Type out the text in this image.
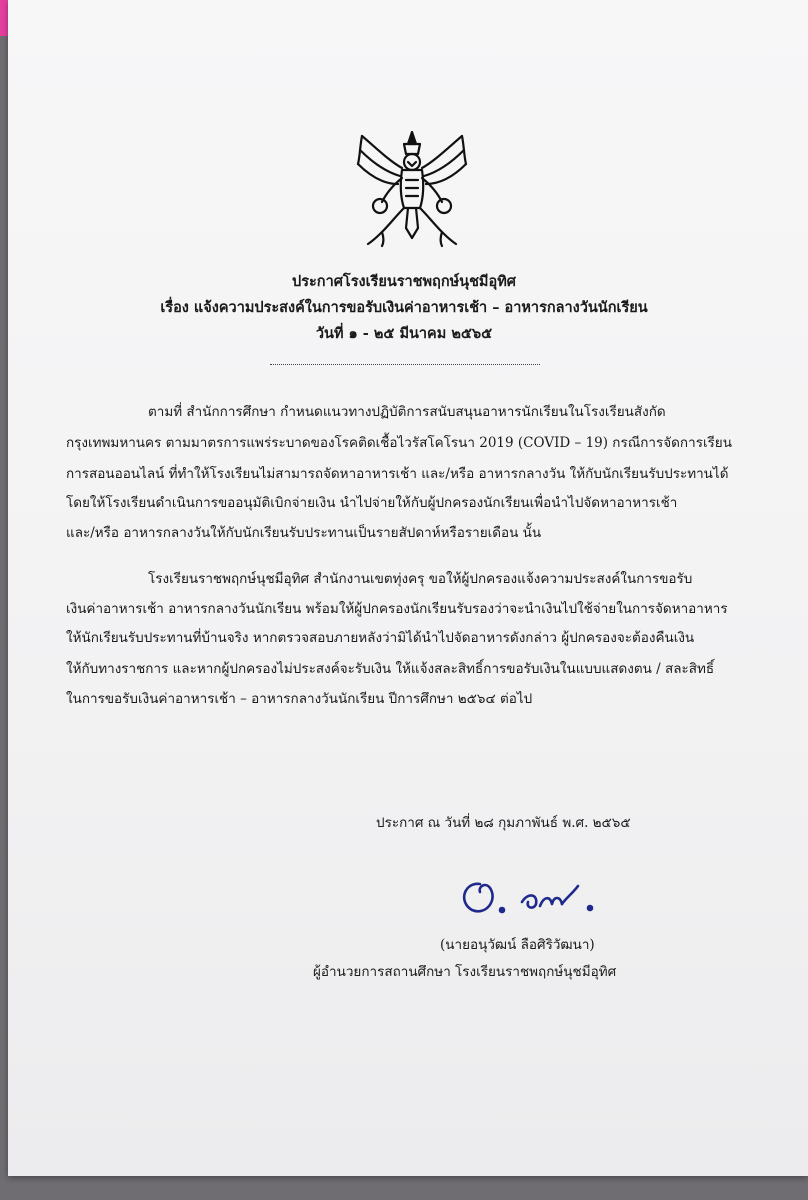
ประกาศโรงเรียนราชพฤกษ์นุชมีอุทิศ
เรื่อง แจ้งความประสงค์ในการขอรับเงินค่าอาหารเช้า – อาหารกลางวันนักเรียน
วันที่ ๑ - ๒๕ มีนาคม ๒๕๖๕
ตามที่ สำนักการศึกษา กำหนดแนวทางปฏิบัติการสนับสนุนอาหารนักเรียนในโรงเรียนสังกัด
กรุงเทพมหานคร ตามมาตรการแพร่ระบาดของโรคติดเชื้อไวรัสโคโรนา 2019 (COVID – 19) กรณีการจัดการเรียน
การสอนออนไลน์ ที่ทำให้โรงเรียนไม่สามารถจัดหาอาหารเช้า และ/หรือ อาหารกลางวัน ให้กับนักเรียนรับประทานได้
โดยให้โรงเรียนดำเนินการขออนุมัติเบิกจ่ายเงิน นำไปจ่ายให้กับผู้ปกครองนักเรียนเพื่อนำไปจัดหาอาหารเช้า
และ/หรือ อาหารกลางวันให้กับนักเรียนรับประทานเป็นรายสัปดาห์หรือรายเดือน นั้น
โรงเรียนราชพฤกษ์นุชมีอุทิศ สำนักงานเขตทุ่งครุ ขอให้ผู้ปกครองแจ้งความประสงค์ในการขอรับ
เงินค่าอาหารเช้า อาหารกลางวันนักเรียน พร้อมให้ผู้ปกครองนักเรียนรับรองว่าจะนำเงินไปใช้จ่ายในการจัดหาอาหาร
ให้นักเรียนรับประทานที่บ้านจริง หากตรวจสอบภายหลังว่ามิได้นำไปจัดอาหารดังกล่าว ผู้ปกครองจะต้องคืนเงิน
ให้กับทางราชการ และหากผู้ปกครองไม่ประสงค์จะรับเงิน ให้แจ้งสละสิทธิ์การขอรับเงินในแบบแสดงตน / สละสิทธิ์
ในการขอรับเงินค่าอาหารเช้า – อาหารกลางวันนักเรียน ปีการศึกษา ๒๕๖๔ ต่อไป
ประกาศ ณ วันที่ ๒๘ กุมภาพันธ์ พ.ศ. ๒๕๖๕
(นายอนุวัฒน์ ลือศิริวัฒนา)
ผู้อำนวยการสถานศึกษา โรงเรียนราชพฤกษ์นุชมีอุทิศ
